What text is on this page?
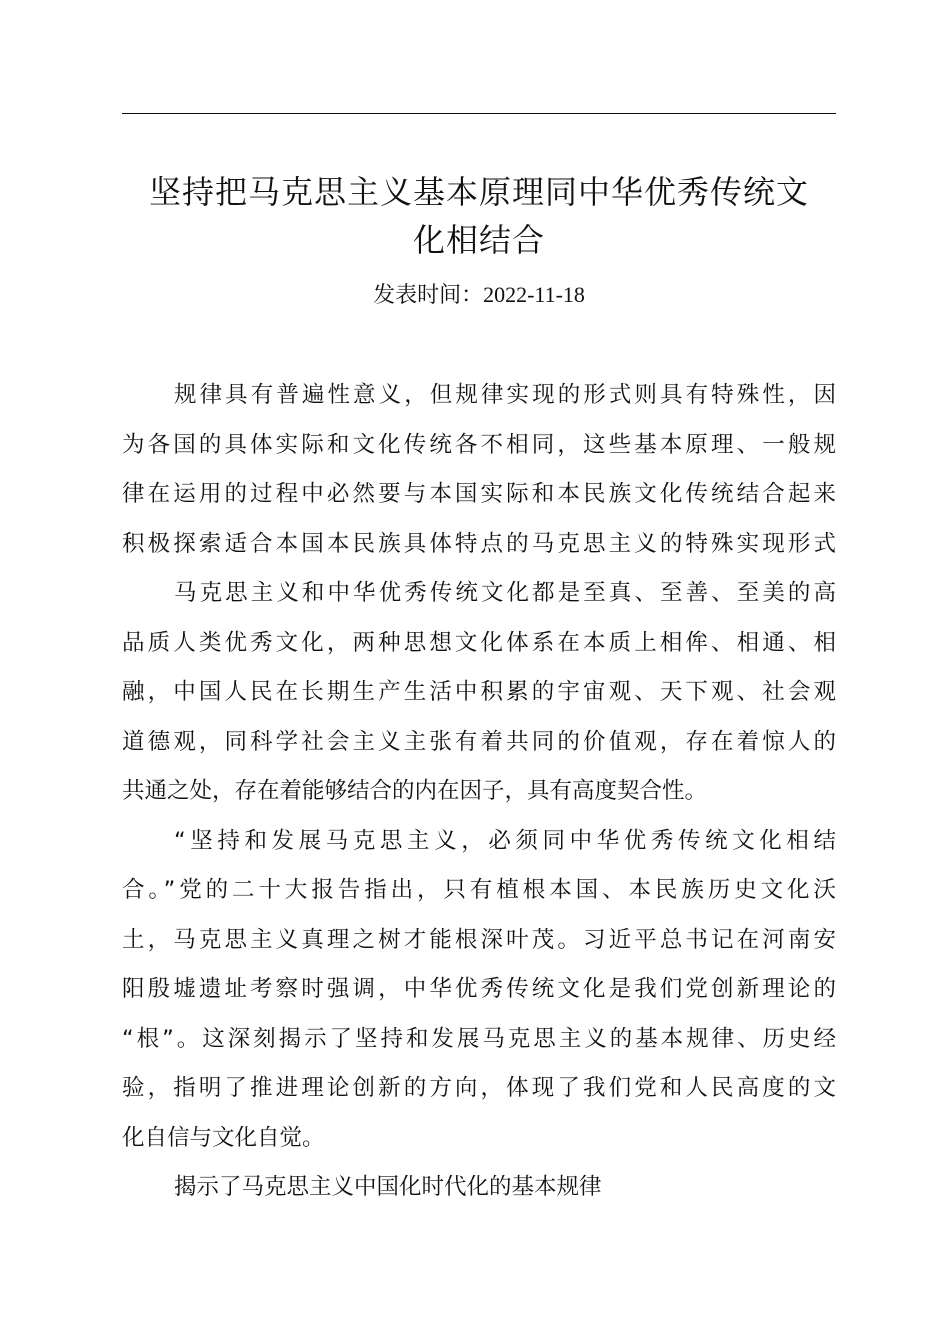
坚持把马克思主义基本原理同中华优秀传统文
化相结合
发表时间：2022-11-18

规律具有普遍性意义，但规律实现的形式则具有特殊性，因
为各国的具体实际和文化传统各不相同，这些基本原理、一般规
律在运用的过程中必然要与本国实际和本民族文化传统结合起来
积极探索适合本国本民族具体特点的马克思主义的特殊实现形式

马克思主义和中华优秀传统文化都是至真、至善、至美的高
品质人类优秀文化，两种思想文化体系在本质上相侔、相通、相
融，中国人民在长期生产生活中积累的宇宙观、天下观、社会观
道德观，同科学社会主义主张有着共同的价值观，存在着惊人的
共通之处，存在着能够结合的内在因子，具有高度契合性。

“坚持和发展马克思主义，必须同中华优秀传统文化相结
合。”党的二十大报告指出，只有植根本国、本民族历史文化沃
土，马克思主义真理之树才能根深叶茂。习近平总书记在河南安
阳殷墟遗址考察时强调，中华优秀传统文化是我们党创新理论的
“根”。这深刻揭示了坚持和发展马克思主义的基本规律、历史经
验，指明了推进理论创新的方向，体现了我们党和人民高度的文
化自信与文化自觉。

揭示了马克思主义中国化时代化的基本规律
